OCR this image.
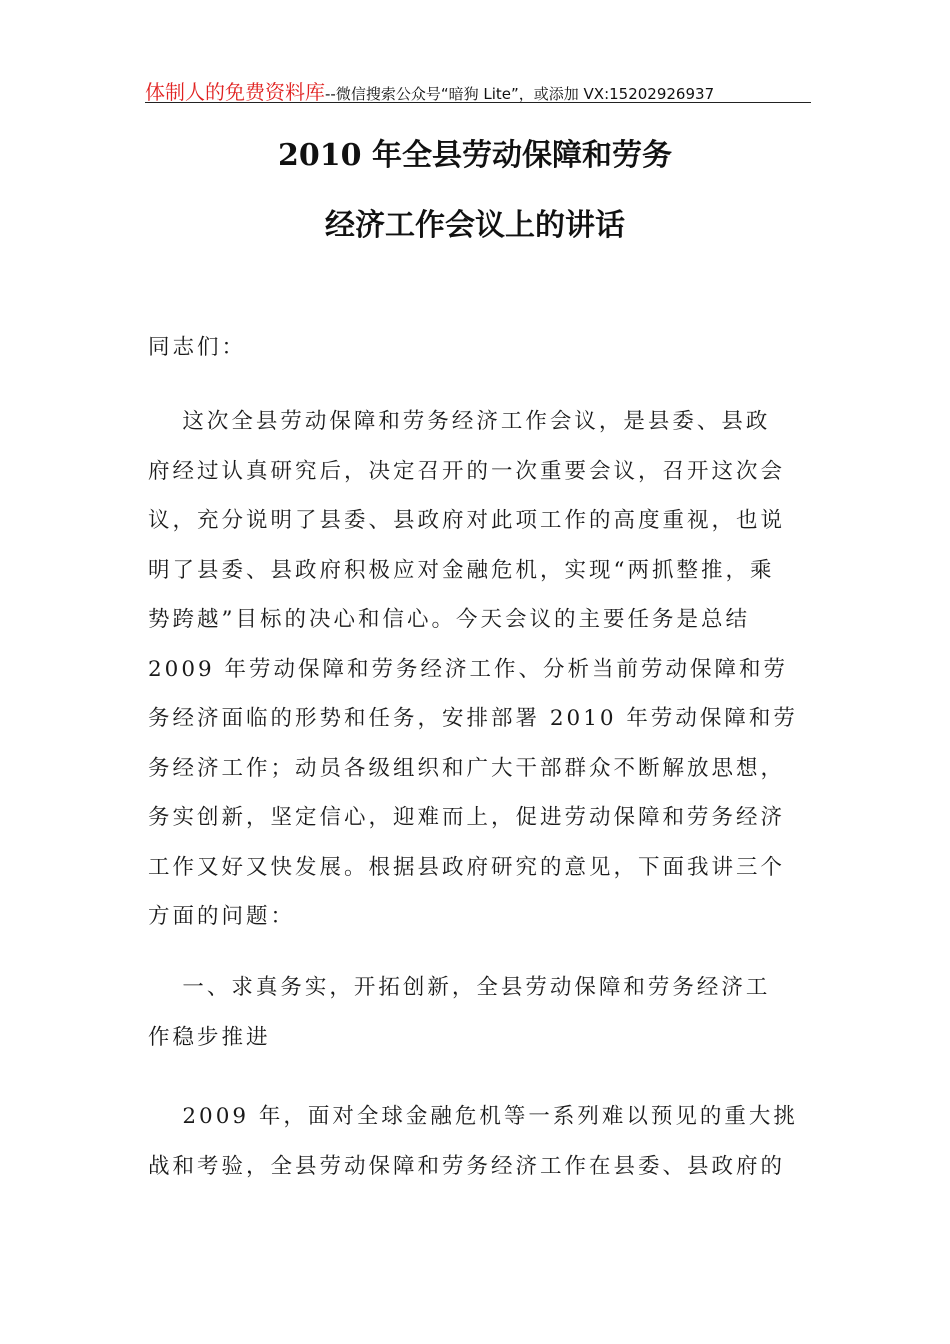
体制人的免费资料库--微信搜索公众号“暗狗 Lite”，或添加 VX:15202926937
2010 年全县劳动保障和劳务
经济工作会议上的讲话
同志们：
　 这次全县劳动保障和劳务经济工作会议，是县委、县政
府经过认真研究后，决定召开的一次重要会议，召开这次会
议，充分说明了县委、县政府对此项工作的高度重视，也说
明了县委、县政府积极应对金融危机，实现“两抓整推，乘
势跨越”目标的决心和信心。今天会议的主要任务是总结
2009 年劳动保障和劳务经济工作、分析当前劳动保障和劳
务经济面临的形势和任务，安排部署 2010 年劳动保障和劳
务经济工作；动员各级组织和广大干部群众不断解放思想，
务实创新，坚定信心，迎难而上，促进劳动保障和劳务经济
工作又好又快发展。根据县政府研究的意见，下面我讲三个
方面的问题：
　 一、求真务实，开拓创新，全县劳动保障和劳务经济工
作稳步推进
　 2009 年，面对全球金融危机等一系列难以预见的重大挑
战和考验，全县劳动保障和劳务经济工作在县委、县政府的
